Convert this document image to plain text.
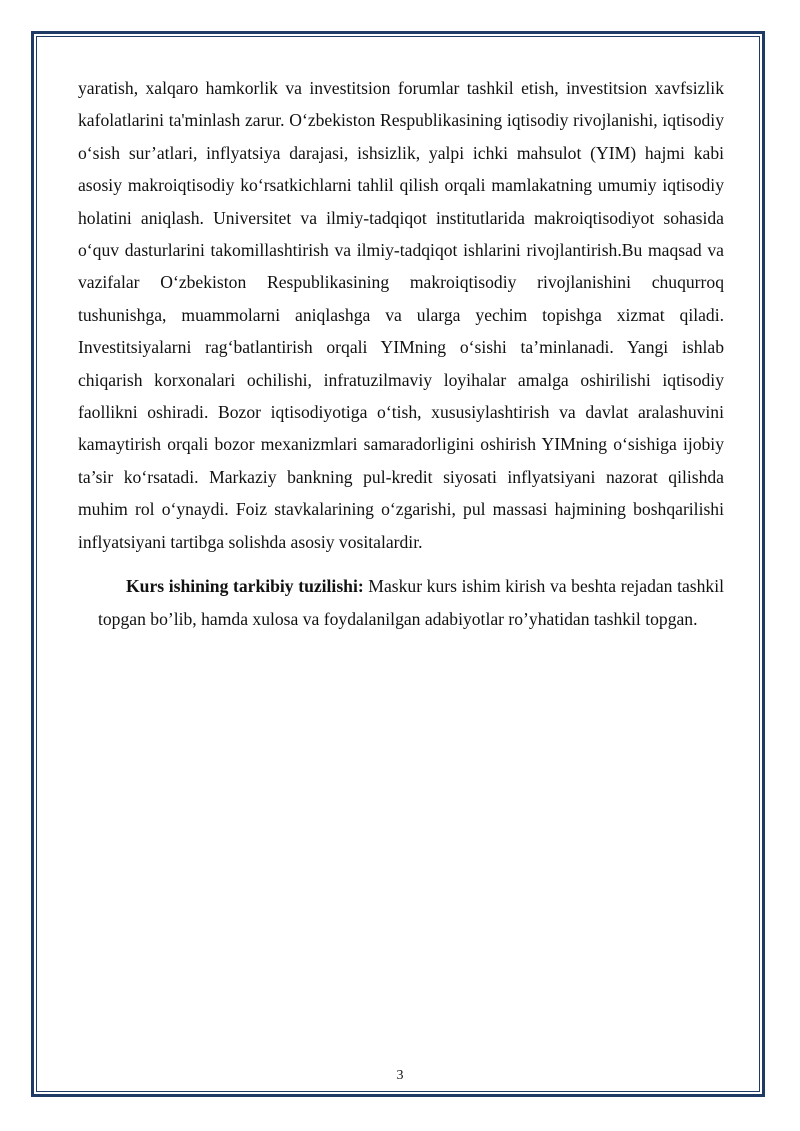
yaratish, xalqaro hamkorlik va investitsion forumlar tashkil etish, investitsion xavfsizlik kafolatlarini ta'minlash zarur. O‘zbekiston Respublikasining iqtisodiy rivojlanishi, iqtisodiy o‘sish sur’atlari, inflyatsiya darajasi, ishsizlik, yalpi ichki mahsulot (YIM) hajmi kabi asosiy makroiqtisodiy ko‘rsatkichlarni tahlil qilish orqali mamlakatning umumiy iqtisodiy holatini aniqlash. Universitet va ilmiy-tadqiqot institutlarida makroiqtisodiyot sohasida o‘quv dasturlarini takomillashtirish va ilmiy-tadqiqot ishlarini rivojlantirish.Bu maqsad va vazifalar O‘zbekiston Respublikasining makroiqtisodiy rivojlanishini chuqurroq tushunishga, muammolarni aniqlashga va ularga yechim topishga xizmat qiladi. Investitsiyalarni rag‘batlantirish orqali YIMning o‘sishi ta’minlanadi. Yangi ishlab chiqarish korxonalari ochilishi, infratuzilmaviy loyihalar amalga oshirilishi iqtisodiy faollikni oshiradi. Bozor iqtisodiyotiga o‘tish, xususiylashtirish va davlat aralashuvini kamaytirish orqali bozor mexanizmlari samaradorligini oshirish YIMning o‘sishiga ijobiy ta’sir ko‘rsatadi. Markaziy bankning pul-kredit siyosati inflyatsiyani nazorat qilishda muhim rol o‘ynaydi. Foiz stavkalarining o‘zgarishi, pul massasi hajmining boshqarilishi inflyatsiyani tartibga solishda asosiy vositalardir.

Kurs ishining tarkibiy tuzilishi: Maskur kurs ishim kirish va beshta rejadan tashkil topgan bo’lib, hamda xulosa va foydalanilgan adabiyotlar ro’yhatidan tashkil topgan.

3
